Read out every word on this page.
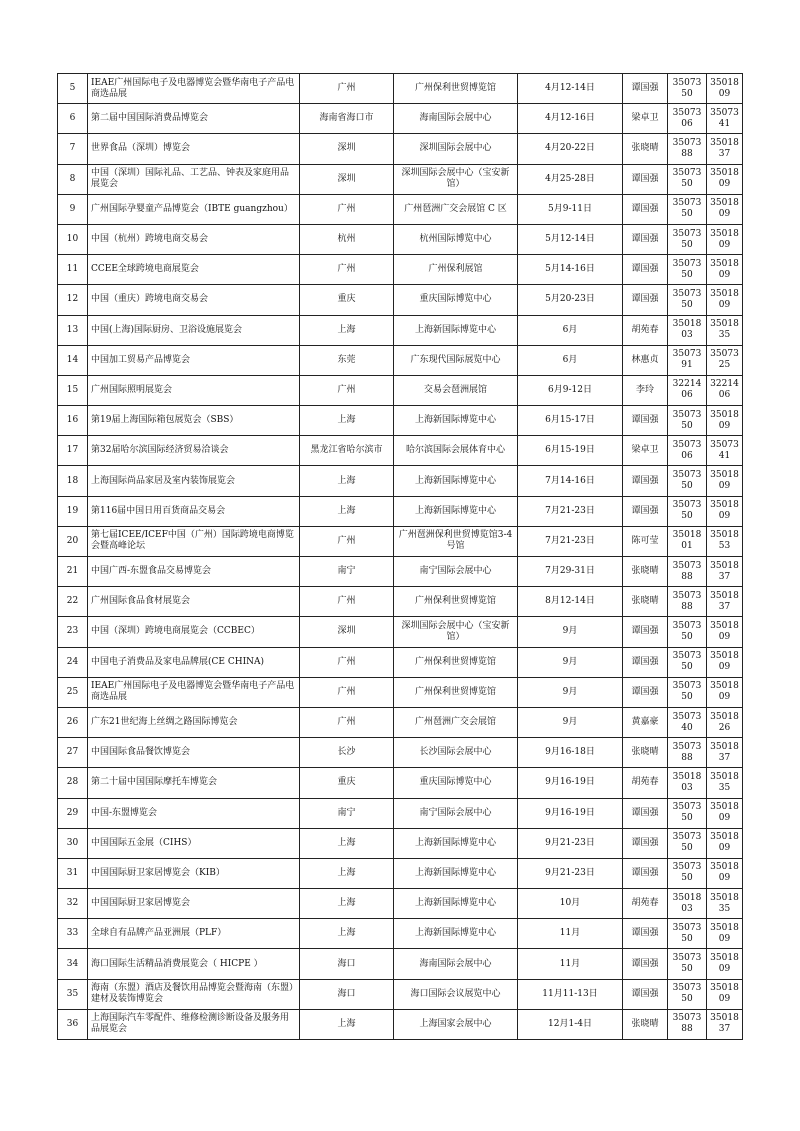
5	IEAE广州国际电子及电器博览会暨华南电子产品电商选品展	广州	广州保利世贸博览馆	4月12-14日	谭国强	3507350	3501809
6	第二届中国国际消费品博览会	海南省海口市	海南国际会展中心	4月12-16日	梁卓卫	3507306	3507341
7	世界食品（深圳）博览会	深圳	深圳国际会展中心	4月20-22日	张晓晴	3507388	3501837
8	中国（深圳）国际礼品、工艺品、钟表及家庭用品展览会	深圳	深圳国际会展中心（宝安新馆）	4月25-28日	谭国强	3507350	3501809
9	广州国际孕婴童产品博览会（IBTE guangzhou）	广州	广州琶洲广交会展馆 C 区	5月9-11日	谭国强	3507350	3501809
10	中国（杭州）跨境电商交易会	杭州	杭州国际博览中心	5月12-14日	谭国强	3507350	3501809
11	CCEE全球跨境电商展览会	广州	广州保利展馆	5月14-16日	谭国强	3507350	3501809
12	中国（重庆）跨境电商交易会	重庆	重庆国际博览中心	5月20-23日	谭国强	3507350	3501809
13	中国(上海)国际厨房、卫浴设施展览会	上海	上海新国际博览中心	6月	胡苑春	3501803	3501835
14	中国加工贸易产品博览会	东莞	广东现代国际展览中心	6月	林惠贞	3507391	3507325
15	广州国际照明展览会	广州	交易会琶洲展馆	6月9-12日	李玲	3221406	3221406
16	第19届上海国际箱包展览会（SBS）	上海	上海新国际博览中心	6月15-17日	谭国强	3507350	3501809
17	第32届哈尔滨国际经济贸易洽谈会	黑龙江省哈尔滨市	哈尔滨国际会展体育中心	6月15-19日	梁卓卫	3507306	3507341
18	上海国际尚品家居及室内装饰展览会	上海	上海新国际博览中心	7月14-16日	谭国强	3507350	3501809
19	第116届中国日用百货商品交易会	上海	上海新国际博览中心	7月21-23日	谭国强	3507350	3501809
20	第七届ICEE/ICEF中国（广州）国际跨境电商博览会暨高峰论坛	广州	广州琶洲保利世贸博览馆3-4号馆	7月21-23日	陈可莹	3501801	3501853
21	中国广西-东盟食品交易博览会	南宁	南宁国际会展中心	7月29-31日	张晓晴	3507388	3501837
22	广州国际食品食材展览会	广州	广州保利世贸博览馆	8月12-14日	张晓晴	3507388	3501837
23	中国（深圳）跨境电商展览会（CCBEC）	深圳	深圳国际会展中心（宝安新馆）	9月	谭国强	3507350	3501809
24	中国电子消费品及家电品牌展(CE CHINA)	广州	广州保利世贸博览馆	9月	谭国强	3507350	3501809
25	IEAE广州国际电子及电器博览会暨华南电子产品电商选品展	广州	广州保利世贸博览馆	9月	谭国强	3507350	3501809
26	广东21世纪海上丝绸之路国际博览会	广州	广州琶洲广交会展馆	9月	黄嘉豪	3507340	3501826
27	中国国际食品餐饮博览会	长沙	长沙国际会展中心	9月16-18日	张晓晴	3507388	3501837
28	第二十届中国国际摩托车博览会	重庆	重庆国际博览中心	9月16-19日	胡苑春	3501803	3501835
29	中国-东盟博览会	南宁	南宁国际会展中心	9月16-19日	谭国强	3507350	3501809
30	中国国际五金展（CIHS）	上海	上海新国际博览中心	9月21-23日	谭国强	3507350	3501809
31	中国国际厨卫家居博览会（KIB）	上海	上海新国际博览中心	9月21-23日	谭国强	3507350	3501809
32	中国国际厨卫家居博览会	上海	上海新国际博览中心	10月	胡苑春	3501803	3501835
33	全球自有品牌产品亚洲展（PLF）	上海	上海新国际博览中心	11月	谭国强	3507350	3501809
34	海口国际生活精品消费展览会（ HICPE ）	海口	海南国际会展中心	11月	谭国强	3507350	3501809
35	海南（东盟）酒店及餐饮用品博览会暨海南（东盟）建材及装饰博览会	海口	海口国际会议展览中心	11月11-13日	谭国强	3507350	3501809
36	上海国际汽车零配件、维修检测诊断设备及服务用品展览会	上海	上海国家会展中心	12月1-4日	张晓晴	3507388	3501837
